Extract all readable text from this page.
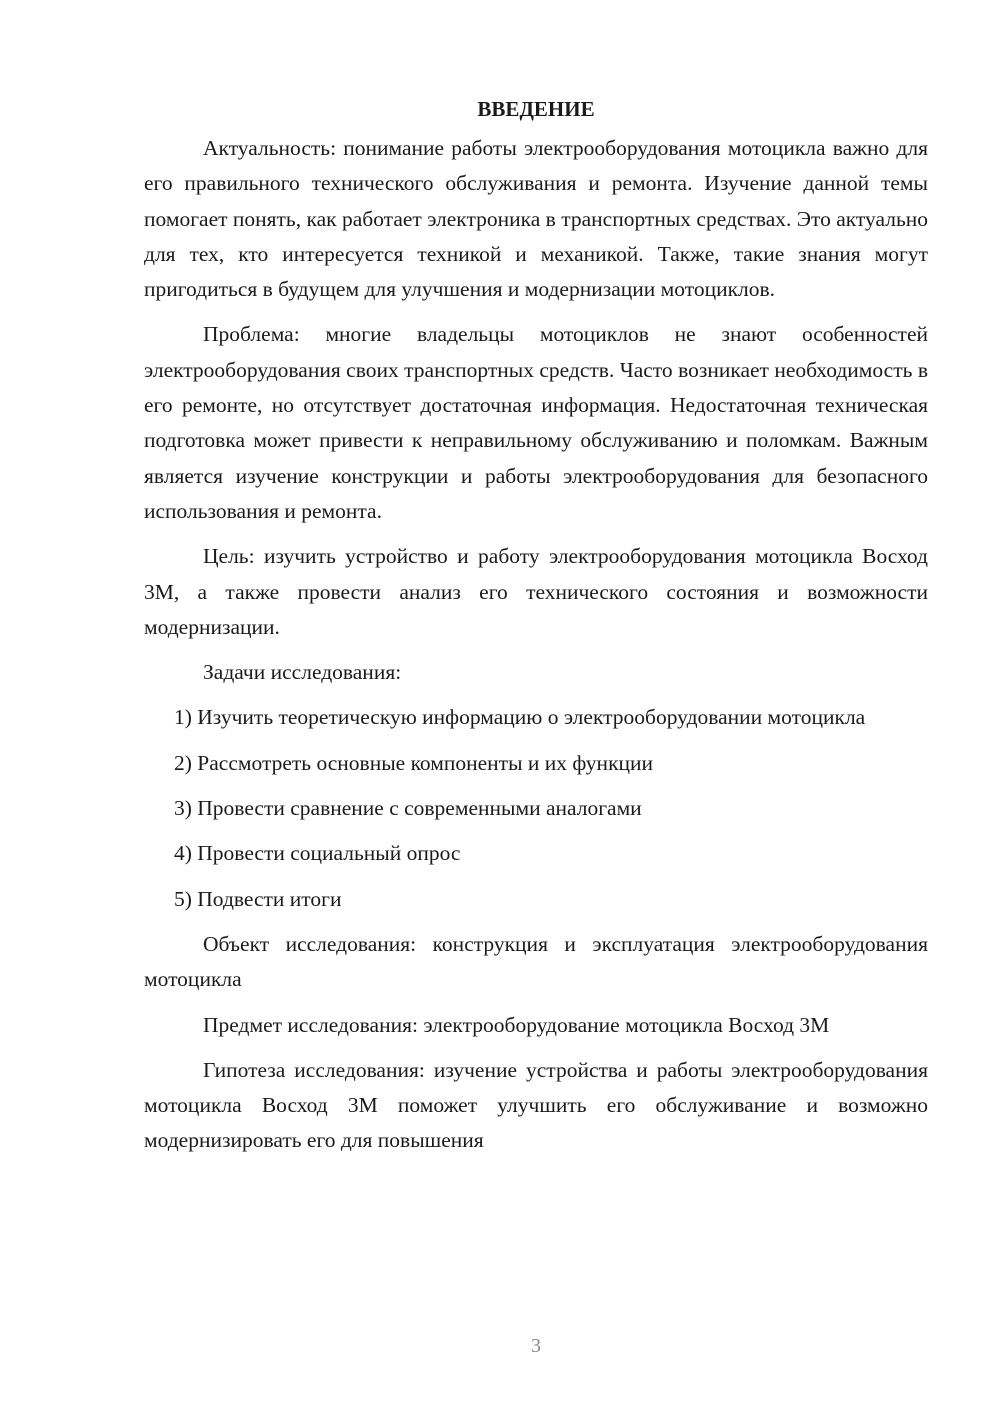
ВВЕДЕНИЕ

Актуальность: понимание работы электрооборудования мотоцикла важно для его правильного технического обслуживания и ремонта. Изучение данной темы помогает понять, как работает электроника в транспортных средствах. Это актуально для тех, кто интересуется техникой и механикой. Также, такие знания могут пригодиться в будущем для улучшения и модернизации мотоциклов.

Проблема: многие владельцы мотоциклов не знают особенностей электрооборудования своих транспортных средств. Часто возникает необходимость в его ремонте, но отсутствует достаточная информация. Недостаточная техническая подготовка может привести к неправильному обслуживанию и поломкам. Важным является изучение конструкции и работы электрооборудования для безопасного использования и ремонта.

Цель: изучить устройство и работу электрооборудования мотоцикла Восход 3М, а также провести анализ его технического состояния и возможности модернизации.

Задачи исследования:

1) Изучить теоретическую информацию о электрооборудовании мотоцикла

2) Рассмотреть основные компоненты и их функции

3) Провести сравнение с современными аналогами

4) Провести социальный опрос

5) Подвести итоги

Объект исследования: конструкция и эксплуатация электрооборудования мотоцикла

Предмет исследования: электрооборудование мотоцикла Восход 3М

Гипотеза исследования: изучение устройства и работы электрооборудования мотоцикла Восход 3М поможет улучшить его обслуживание и возможно модернизировать его для повышения

3
